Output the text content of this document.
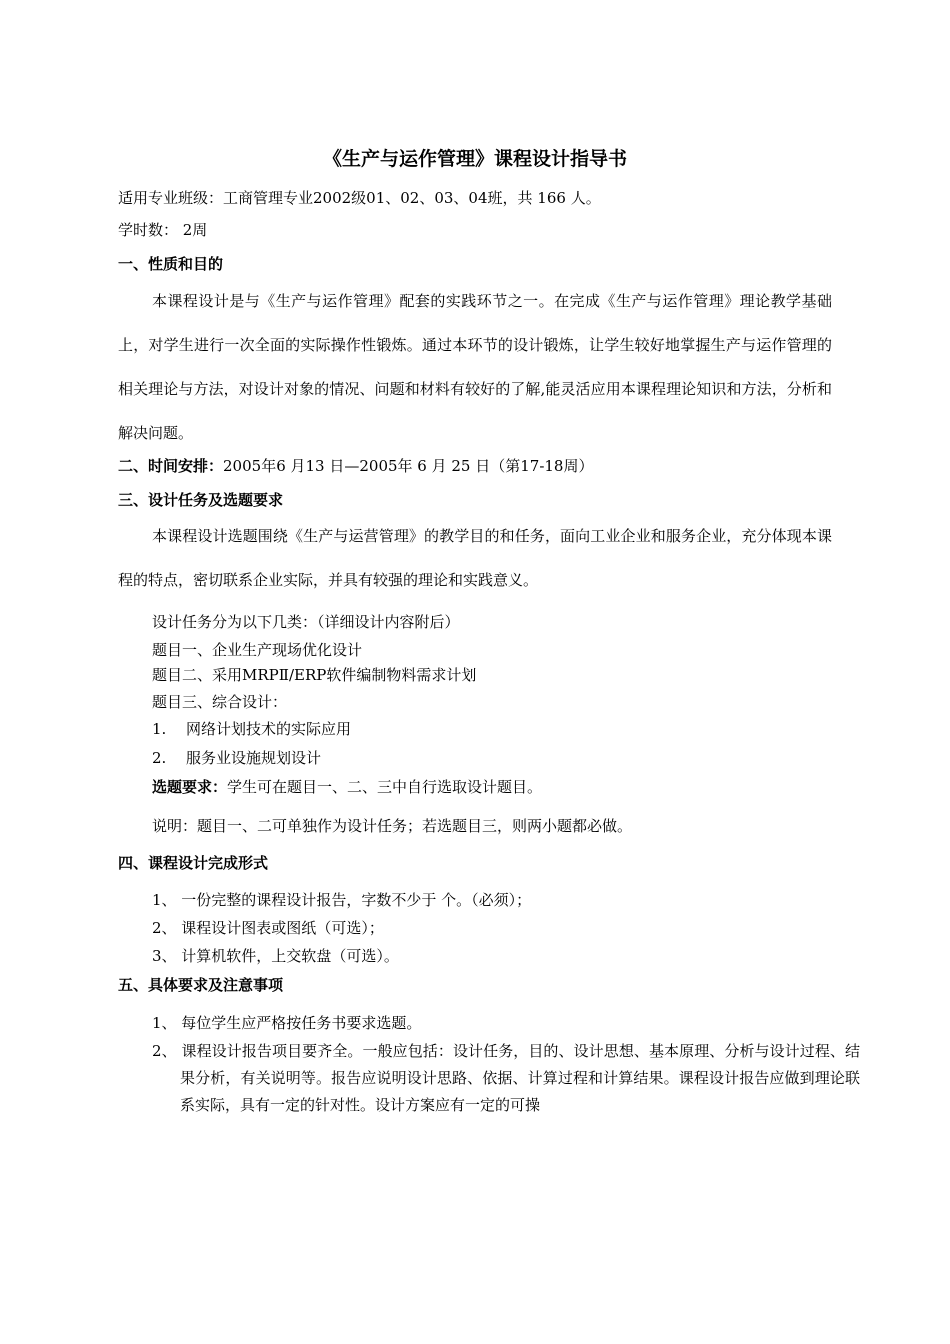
《生产与运作管理》课程设计指导书
适用专业班级：工商管理专业2002级01、02、03、04班，共 166 人。
学时数： 2周
一、性质和目的
本课程设计是与《生产与运作管理》配套的实践环节之一。在完成《生产与运作管理》理论教学基础上，对学生进行一次全面的实际操作性锻炼。通过本环节的设计锻炼，让学生较好地掌握生产与运作管理的相关理论与方法，对设计对象的情况、问题和材料有较好的了解,能灵活应用本课程理论知识和方法，分析和解决问题。
二、时间安排：2005年6 月13 日—2005年 6 月 25 日（第17-18周）
三、设计任务及选题要求
本课程设计选题围绕《生产与运营管理》的教学目的和任务，面向工业企业和服务企业，充分体现本课程的特点，密切联系企业实际，并具有较强的理论和实践意义。
设计任务分为以下几类：（详细设计内容附后）
题目一、企业生产现场优化设计
题目二、采用MRPⅡ/ERP软件编制物料需求计划
题目三、综合设计：
1. 网络计划技术的实际应用
2. 服务业设施规划设计
选题要求：学生可在题目一、二、三中自行选取设计题目。
说明：题目一、二可单独作为设计任务；若选题目三，则两小题都必做。
四、课程设计完成形式
1、 一份完整的课程设计报告，字数不少于 个。（必须）；
2、 课程设计图表或图纸（可选）；
3、 计算机软件，上交软盘（可选）。
五、具体要求及注意事项
1、 每位学生应严格按任务书要求选题。
2、 课程设计报告项目要齐全。一般应包括：设计任务，目的、设计思想、基本原理、分析与设计过程、结果分析，有关说明等。报告应说明设计思路、依据、计算过程和计算结果。课程设计报告应做到理论联系实际，具有一定的针对性。设计方案应有一定的可操
